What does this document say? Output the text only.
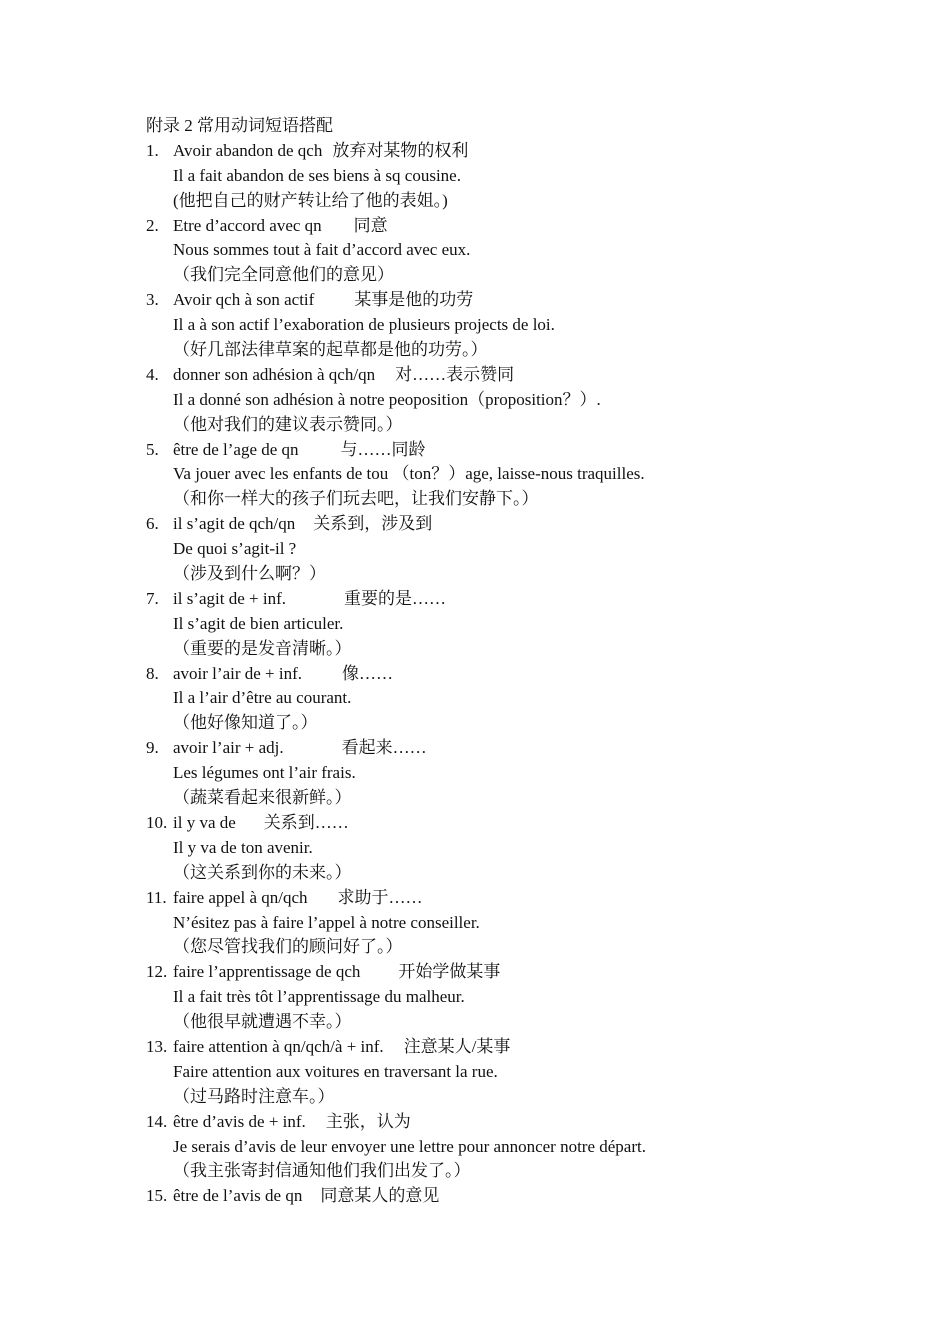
附录 2 常用动词短语搭配
1. Avoir abandon de qch 放弃对某物的权利
Il a fait abandon de ses biens à sq cousine.
(他把自己的财产转让给了他的表姐。)
2. Etre d’accord avec qn 同意
Nous sommes tout à fait d’accord avec eux.
（我们完全同意他们的意见）
3. Avoir qch à son actif 某事是他的功劳
Il a à son actif l’exaboration de plusieurs projects de loi.
（好几部法律草案的起草都是他的功劳。）
4. donner son adhésion à qch/qn 对……表示赞同
Il a donné son adhésion à notre peoposition（proposition？）.
（他对我们的建议表示赞同。）
5. être de l’age de qn 与……同龄
Va jouer avec les enfants de tou （ton？）age, laisse-nous traquilles.
（和你一样大的孩子们玩去吧，让我们安静下。）
6. il s’agit de qch/qn 关系到，涉及到
De quoi s’agit-il ?
（涉及到什么啊？）
7. il s’agit de + inf.	重要的是……
Il s’agit de bien articuler.
（重要的是发音清晰。）
8. avoir l’air de + inf. 像……
Il a l’air d’être au courant.
（他好像知道了。）
9. avoir l’air + adj.	看起来……
Les légumes ont l’air frais.
（蔬菜看起来很新鲜。）
10. il y va de 关系到……
Il y va de ton avenir.
（这关系到你的未来。）
11. faire appel à qn/qch 求助于……
N’ésitez pas à faire l’appel à notre conseiller.
（您尽管找我们的顾问好了。）
12. faire l’apprentissage de qch 开始学做某事
Il a fait très tôt l’apprentissage du malheur.
（他很早就遭遇不幸。）
13. faire attention à qn/qch/à + inf. 注意某人/某事
Faire attention aux voitures en traversant la rue.
（过马路时注意车。）
14. être d’avis de + inf. 主张，认为
Je serais d’avis de leur envoyer une lettre pour annoncer notre départ.
（我主张寄封信通知他们我们出发了。）
15. être de l’avis de qn 同意某人的意见
